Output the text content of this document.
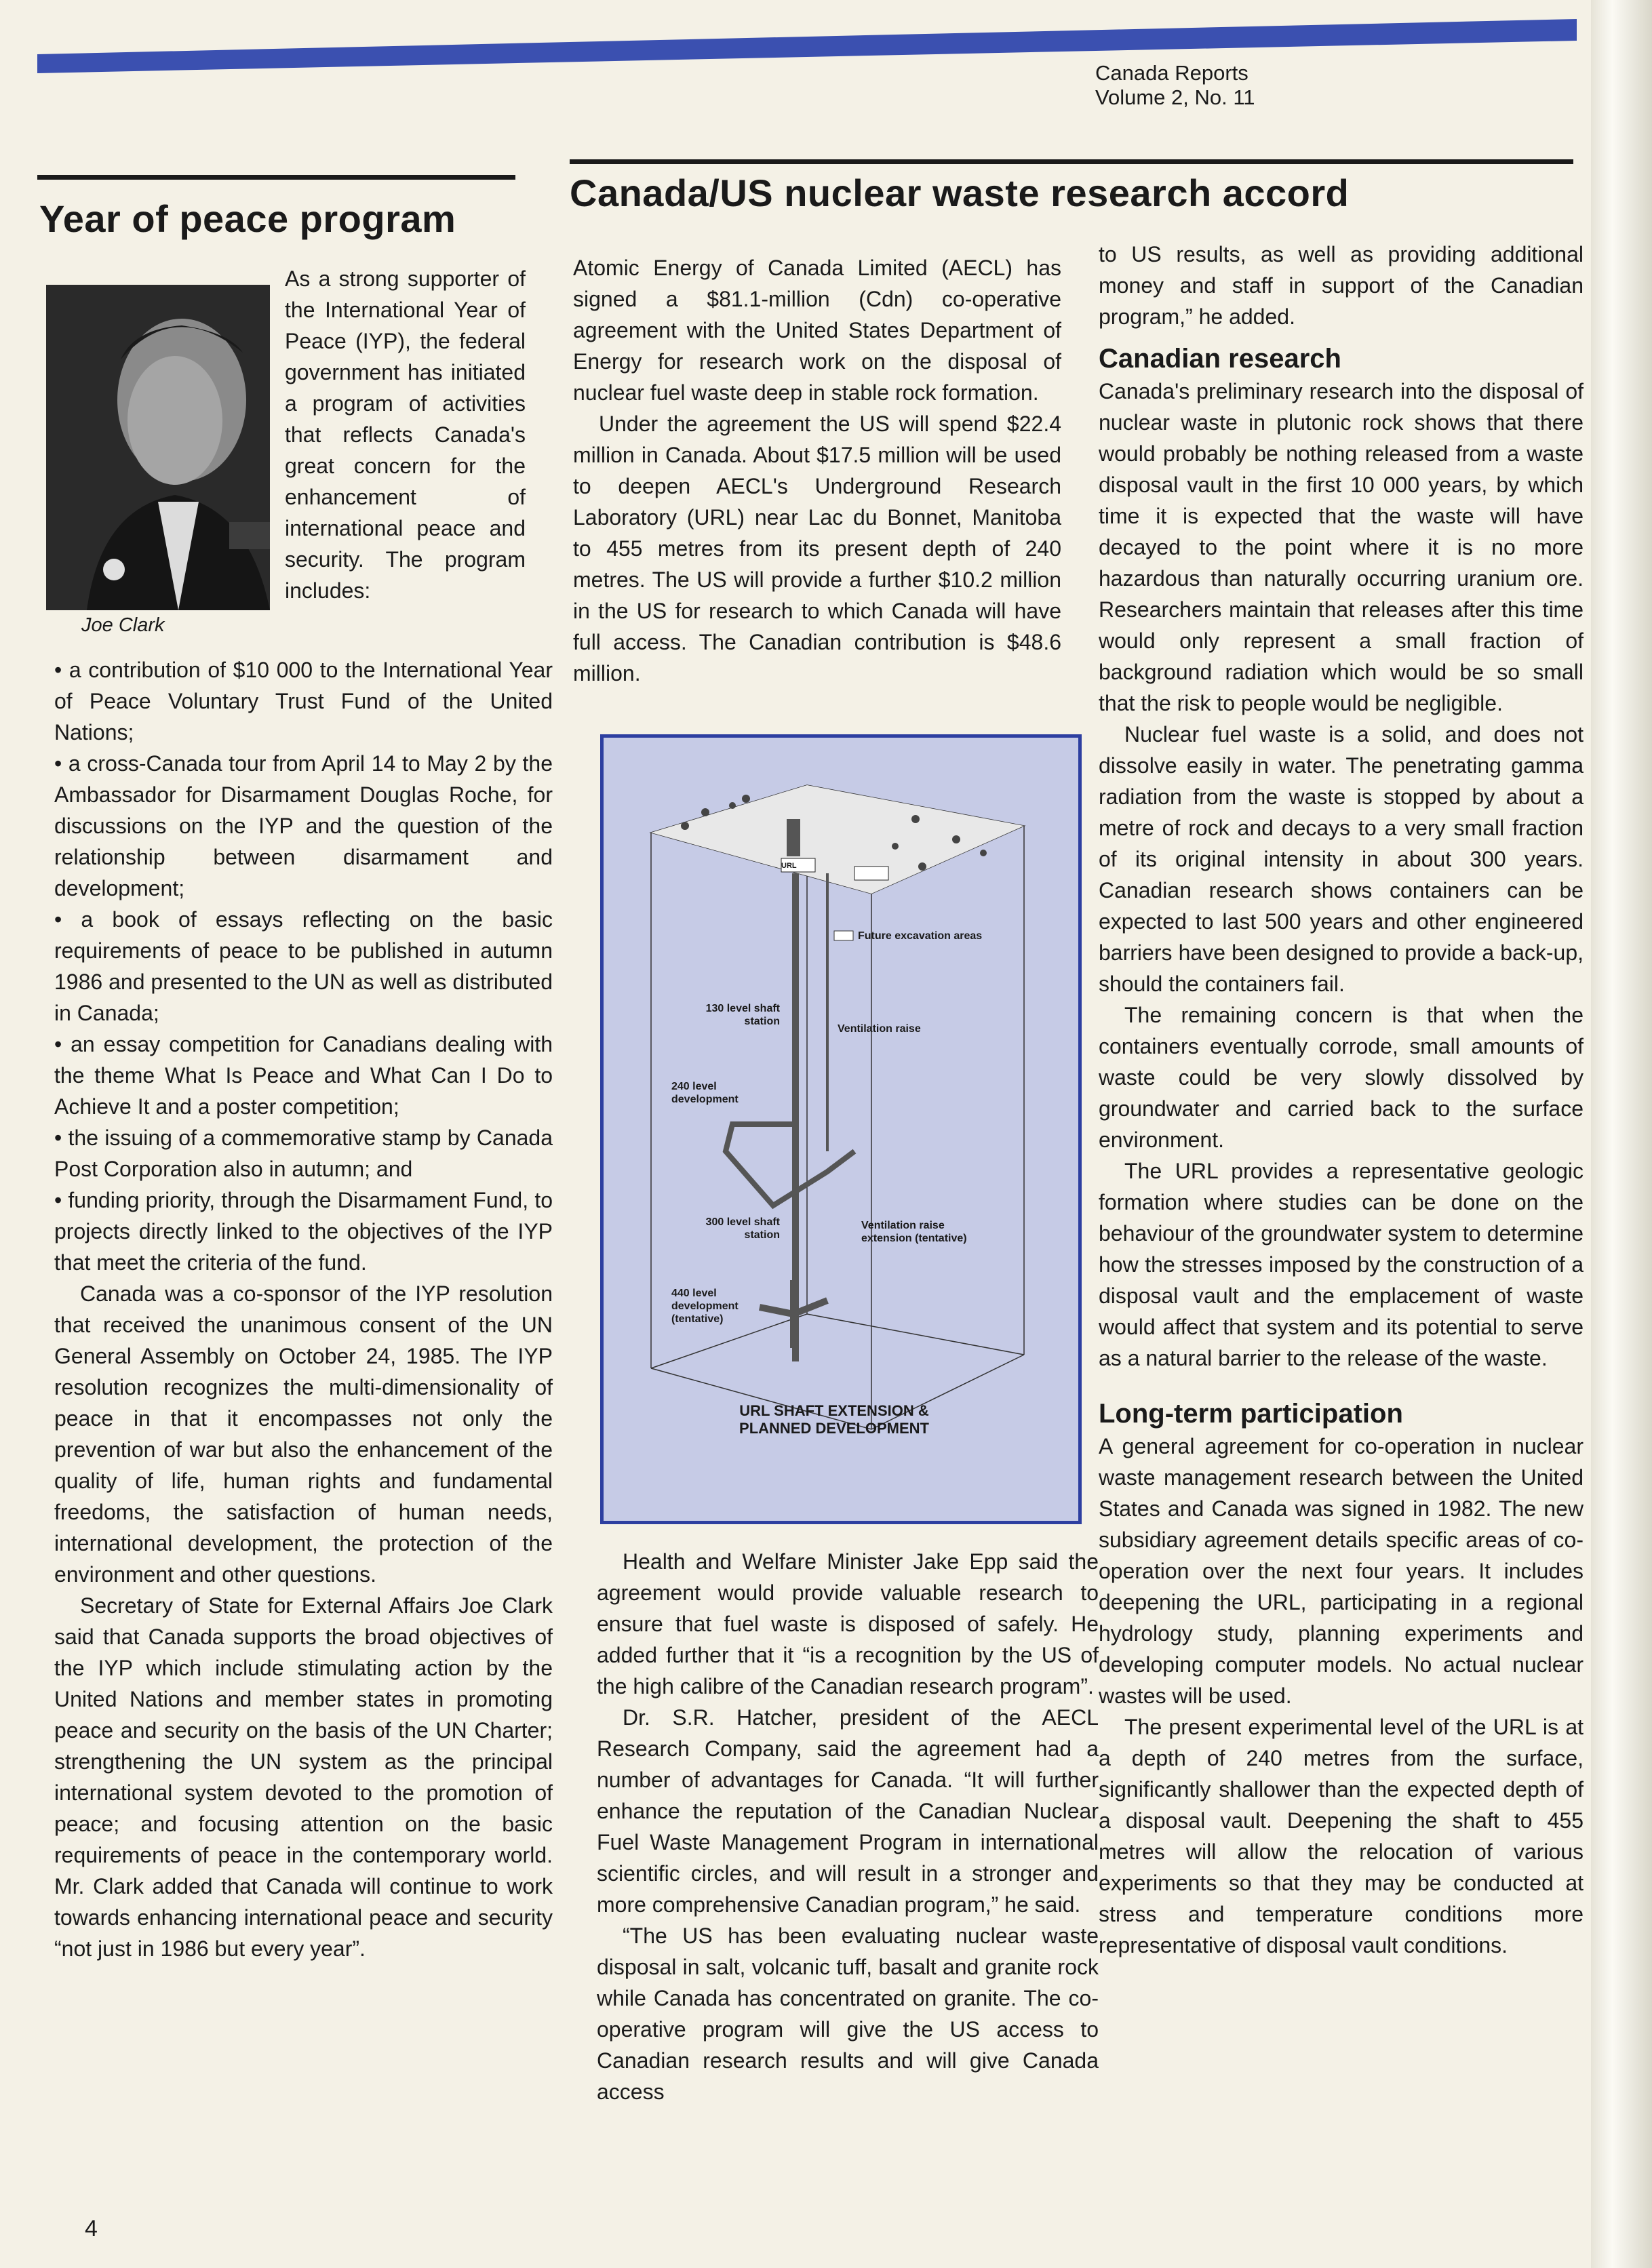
Canada Reports
Volume 2, No. 11
Year of peace program
Canada/US nuclear waste research accord
Joe Clark
As a strong supporter of the International Year of Peace (IYP), the federal government has initiated a program of activities that reflects Canada's great concern for the enhancement of international peace and security. The program includes:

• a contribution of $10 000 to the International Year of Peace Voluntary Trust Fund of the United Nations;

• a cross-Canada tour from April 14 to May 2 by the Ambassador for Disarmament Douglas Roche, for discussions on the IYP and the question of the relationship between disarmament and development;

• a book of essays reflecting on the basic requirements of peace to be published in autumn 1986 and presented to the UN as well as distributed in Canada;

• an essay competition for Canadians dealing with the theme What Is Peace and What Can I Do to Achieve It and a poster competition;

• the issuing of a commemorative stamp by Canada Post Corporation also in autumn; and

• funding priority, through the Disarmament Fund, to projects directly linked to the objectives of the IYP that meet the criteria of the fund.

Canada was a co-sponsor of the IYP resolution that received the unanimous consent of the UN General Assembly on October 24, 1985. The IYP resolution recognizes the multi-dimensionality of peace in that it encompasses not only the prevention of war but also the enhancement of the quality of life, human rights and fundamental freedoms, the satisfaction of human needs, international development, the protection of the environment and other questions.

Secretary of State for External Affairs Joe Clark said that Canada supports the broad objectives of the IYP which include stimulating action by the United Nations and member states in promoting peace and security on the basis of the UN Charter; strengthening the UN system as the principal international system devoted to the promotion of peace; and focusing attention on the basic requirements of peace in the contemporary world. Mr. Clark added that Canada will continue to work towards enhancing international peace and security “not just in 1986 but every year”.

Atomic Energy of Canada Limited (AECL) has signed a $81.1-million (Cdn) co-operative agreement with the United States Department of Energy for research work on the disposal of nuclear fuel waste deep in stable rock formation.

Under the agreement the US will spend $22.4 million in Canada. About $17.5 million will be used to deepen AECL's Underground Research Laboratory (URL) near Lac du Bonnet, Manitoba to 455 metres from its present depth of 240 metres. The US will provide a further $10.2 million in the US for research to which Canada will have full access. The Canadian contribution is $48.6 million.

Future excavation areas
130 level shaft station
Ventilation raise
240 level development
300 level shaft station
Ventilation raise extension (tentative)
440 level development (tentative)
URL
URL SHAFT EXTENSION & PLANNED DEVELOPMENT

Health and Welfare Minister Jake Epp said the agreement would provide valuable research to ensure that fuel waste is disposed of safely. He added further that it “is a recognition by the US of the high calibre of the Canadian research program”.

Dr. S.R. Hatcher, president of the AECL Research Company, said the agreement had a number of advantages for Canada. “It will further enhance the reputation of the Canadian Nuclear Fuel Waste Management Program in international scientific circles, and will result in a stronger and more comprehensive Canadian program,” he said.

“The US has been evaluating nuclear waste disposal in salt, volcanic tuff, basalt and granite rock while Canada has concentrated on granite. The co-operative program will give the US access to Canadian research results and will give Canada access

to US results, as well as providing additional money and staff in support of the Canadian program,” he added.

Canadian research

Canada's preliminary research into the disposal of nuclear waste in plutonic rock shows that there would probably be nothing released from a waste disposal vault in the first 10 000 years, by which time it is expected that the waste will have decayed to the point where it is no more hazardous than naturally occurring uranium ore. Researchers maintain that releases after this time would only represent a small fraction of background radiation which would be so small that the risk to people would be negligible.

Nuclear fuel waste is a solid, and does not dissolve easily in water. The penetrating gamma radiation from the waste is stopped by about a metre of rock and decays to a very small fraction of its original intensity in about 300 years. Canadian research shows containers can be expected to last 500 years and other engineered barriers have been designed to provide a back-up, should the containers fail.

The remaining concern is that when the containers eventually corrode, small amounts of waste could be very slowly dissolved by groundwater and carried back to the surface environment.

The URL provides a representative geologic formation where studies can be done on the behaviour of the groundwater system to determine how the stresses imposed by the construction of a disposal vault and the emplacement of waste would affect that system and its potential to serve as a natural barrier to the release of the waste.

Long-term participation

A general agreement for co-operation in nuclear waste management research between the United States and Canada was signed in 1982. The new subsidiary agreement details specific areas of co-operation over the next four years. It includes deepening the URL, participating in a regional hydrology study, planning experiments and developing computer models. No actual nuclear wastes will be used.

The present experimental level of the URL is at a depth of 240 metres from the surface, significantly shallower than the expected depth of a disposal vault. Deepening the shaft to 455 metres will allow the relocation of various experiments so that they may be conducted at stress and temperature conditions more representative of disposal vault conditions.

4
